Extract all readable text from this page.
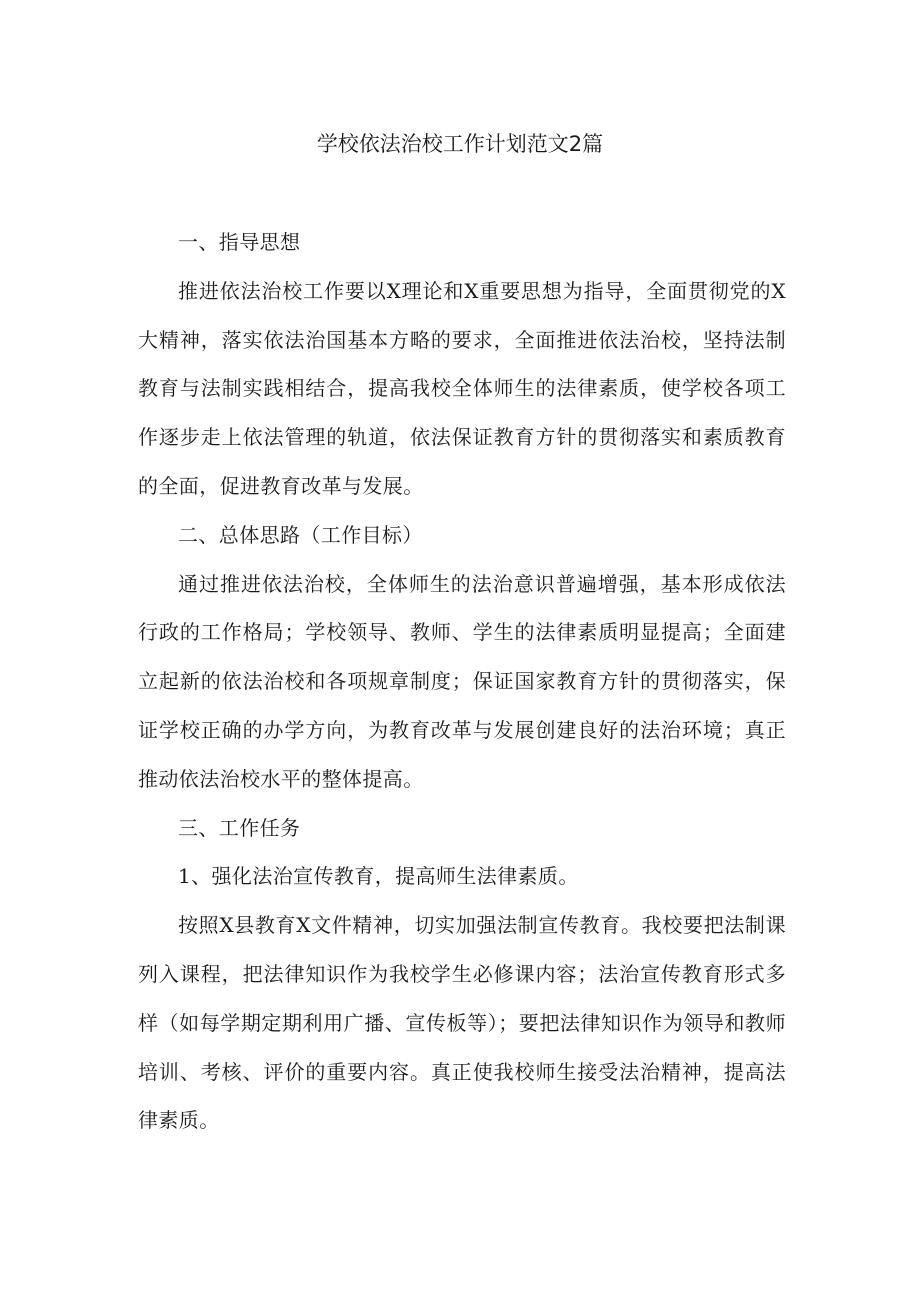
学校依法治校工作计划范文2篇

一、指导思想

推进依法治校工作要以X理论和X重要思想为指导，全面贯彻党的X大精神，落实依法治国基本方略的要求，全面推进依法治校，坚持法制教育与法制实践相结合，提高我校全体师生的法律素质，使学校各项工作逐步走上依法管理的轨道，依法保证教育方针的贯彻落实和素质教育的全面，促进教育改革与发展。

二、总体思路（工作目标）

通过推进依法治校，全体师生的法治意识普遍增强，基本形成依法行政的工作格局；学校领导、教师、学生的法律素质明显提高；全面建立起新的依法治校和各项规章制度；保证国家教育方针的贯彻落实，保证学校正确的办学方向，为教育改革与发展创建良好的法治环境；真正推动依法治校水平的整体提高。

三、工作任务

1、强化法治宣传教育，提高师生法律素质。

按照X县教育X文件精神，切实加强法制宣传教育。我校要把法制课列入课程，把法律知识作为我校学生必修课内容；法治宣传教育形式多样（如每学期定期利用广播、宣传板等）；要把法律知识作为领导和教师培训、考核、评价的重要内容。真正使我校师生接受法治精神，提高法律素质。
